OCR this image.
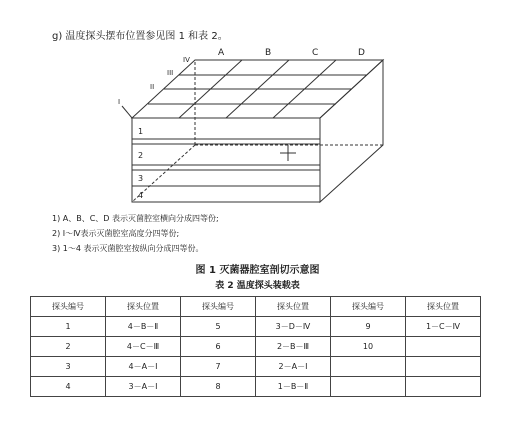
g) 温度探头摆布位置参见图 1 和表 2。
A	B	C	D
I
II
III
IV
1
2
3
4
1) A、B、C、D 表示灭菌腔室横向分成四等份;
2) Ⅰ～Ⅳ表示灭菌腔室高度分四等份;
3) 1～4 表示灭菌腔室按纵向分成四等份。
图 1 灭菌器腔室剖切示意图
表 2 温度探头装载表
探头编号	探头位置	探头编号	探头位置	探头编号	探头位置
1	4－B－Ⅱ	5	3－D－Ⅳ	9	1－C－Ⅳ
2	4－C－Ⅲ	6	2－B－Ⅲ	10	
3	4－A－Ⅰ	7	2－A－Ⅰ		
4	3－A－Ⅰ	8	1－B－Ⅱ		
